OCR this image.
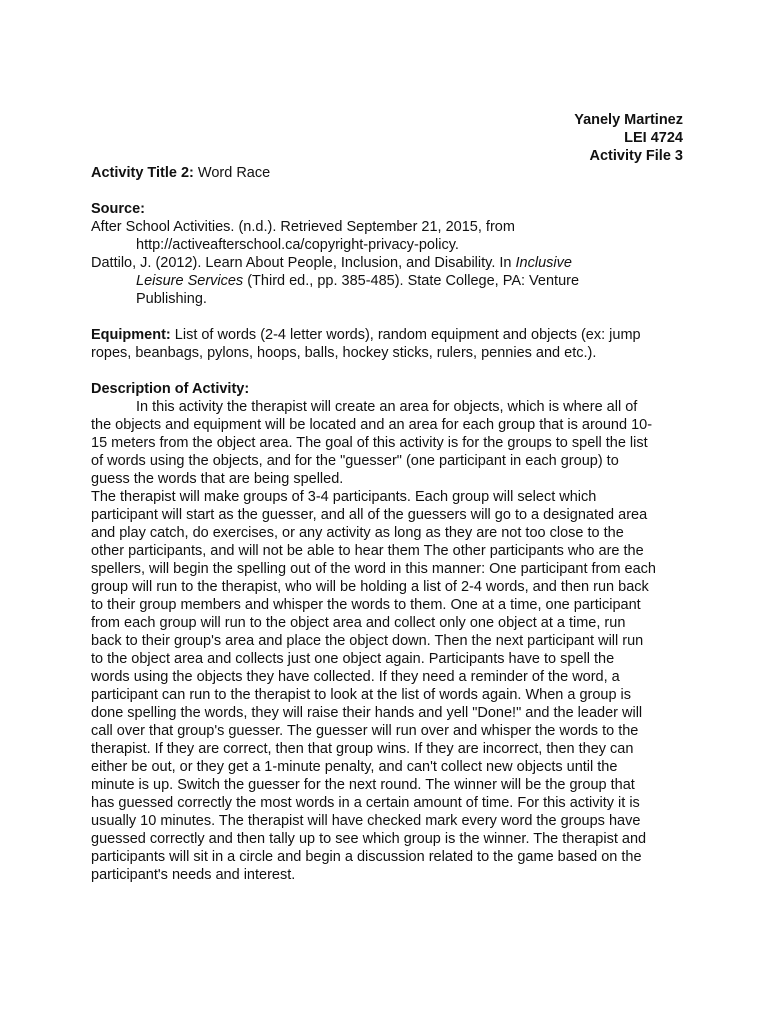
Yanely Martinez
LEI 4724
Activity File 3
Activity Title 2: Word Race
Source:
After School Activities. (n.d.). Retrieved September 21, 2015, from
http://activeafterschool.ca/copyright-privacy-policy.
Dattilo, J. (2012). Learn About People, Inclusion, and Disability. In Inclusive
Leisure Services (Third ed., pp. 385-485). State College, PA: Venture
Publishing.
Equipment: List of words (2-4 letter words), random equipment and objects (ex: jump
ropes, beanbags, pylons, hoops, balls, hockey sticks, rulers, pennies and etc.).
Description of Activity:
In this activity the therapist will create an area for objects, which is where all of
the objects and equipment will be located and an area for each group that is around 10-
15 meters from the object area. The goal of this activity is for the groups to spell the list
of words using the objects, and for the "guesser" (one participant in each group) to
guess the words that are being spelled.
The therapist will make groups of 3-4 participants. Each group will select which
participant will start as the guesser, and all of the guessers will go to a designated area
and play catch, do exercises, or any activity as long as they are not too close to the
other participants, and will not be able to hear them The other participants who are the
spellers, will begin the spelling out of the word in this manner: One participant from each
group will run to the therapist, who will be holding a list of 2-4 words, and then run back
to their group members and whisper the words to them. One at a time, one participant
from each group will run to the object area and collect only one object at a time, run
back to their group's area and place the object down. Then the next participant will run
to the object area and collects just one object again. Participants have to spell the
words using the objects they have collected. If they need a reminder of the word, a
participant can run to the therapist to look at the list of words again. When a group is
done spelling the words, they will raise their hands and yell "Done!" and the leader will
call over that group's guesser. The guesser will run over and whisper the words to the
therapist. If they are correct, then that group wins. If they are incorrect, then they can
either be out, or they get a 1-minute penalty, and can't collect new objects until the
minute is up. Switch the guesser for the next round. The winner will be the group that
has guessed correctly the most words in a certain amount of time. For this activity it is
usually 10 minutes. The therapist will have checked mark every word the groups have
guessed correctly and then tally up to see which group is the winner. The therapist and
participants will sit in a circle and begin a discussion related to the game based on the
participant's needs and interest.
